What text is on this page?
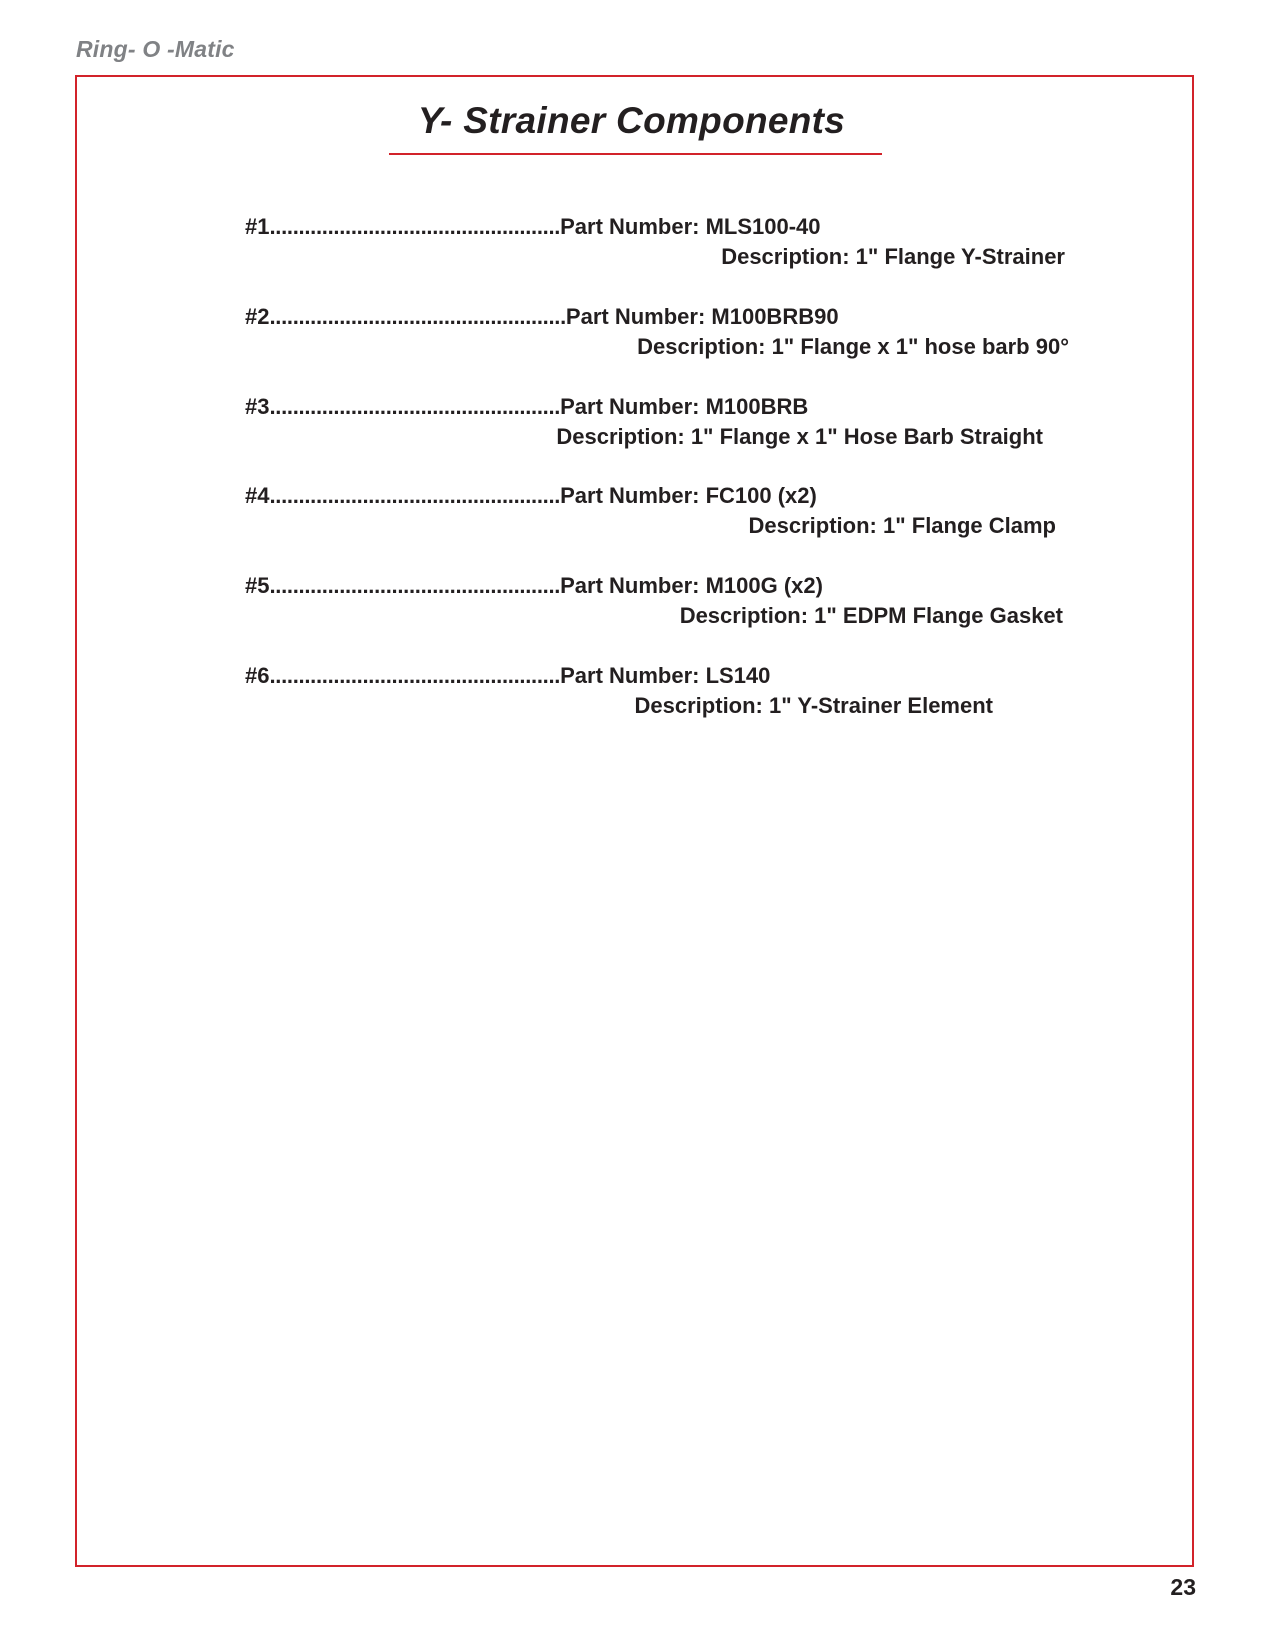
Ring- O -Matic
Y- Strainer Components
#1..................................................Part Number: MLS100-40
Description: 1" Flange Y-Strainer
#2...................................................Part Number: M100BRB90
Description: 1" Flange x 1" hose barb 90°
#3..................................................Part Number: M100BRB
Description: 1" Flange x 1" Hose Barb Straight
#4..................................................Part Number: FC100 (x2)
Description: 1" Flange Clamp
#5..................................................Part Number: M100G (x2)
Description: 1" EDPM Flange Gasket
#6..................................................Part Number: LS140
Description: 1" Y-Strainer Element
23
